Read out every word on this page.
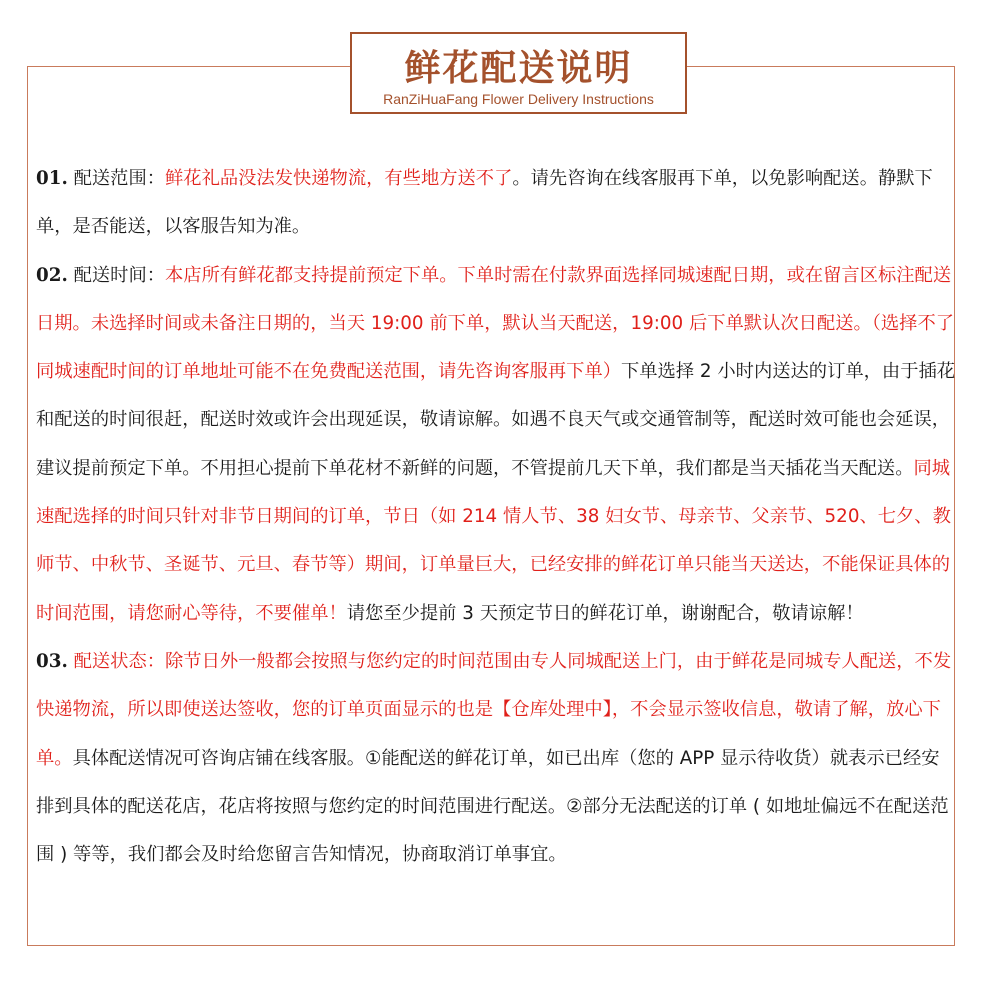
鲜花配送说明
RanZiHuaFang Flower Delivery Instructions

01. 配送范围：鲜花礼品没法发快递物流，有些地方送不了。请先咨询在线客服再下单，以免影响配送。静默下单，是否能送，以客服告知为准。

02. 配送时间：本店所有鲜花都支持提前预定下单。下单时需在付款界面选择同城速配日期，或在留言区标注配送日期。未选择时间或未备注日期的，当天 19:00 前下单，默认当天配送，19:00 后下单默认次日配送。（选择不了同城速配时间的订单地址可能不在免费配送范围，请先咨询客服再下单）下单选择 2 小时内送达的订单，由于插花和配送的时间很赶，配送时效或许会出现延误，敬请谅解。如遇不良天气或交通管制等，配送时效可能也会延误，建议提前预定下单。不用担心提前下单花材不新鲜的问题，不管提前几天下单，我们都是当天插花当天配送。同城速配选择的时间只针对非节日期间的订单，节日（如 214 情人节、38 妇女节、母亲节、父亲节、520、七夕、教师节、中秋节、圣诞节、元旦、春节等）期间，订单量巨大，已经安排的鲜花订单只能当天送达，不能保证具体的时间范围，请您耐心等待，不要催单！请您至少提前 3 天预定节日的鲜花订单，谢谢配合，敬请谅解！

03. 配送状态：除节日外一般都会按照与您约定的时间范围由专人同城配送上门，由于鲜花是同城专人配送，不发快递物流，所以即使送达签收，您的订单页面显示的也是【仓库处理中】，不会显示签收信息，敬请了解，放心下单。具体配送情况可咨询店铺在线客服。①能配送的鲜花订单，如已出库（您的 APP 显示待收货）就表示已经安排到具体的配送花店，花店将按照与您约定的时间范围进行配送。②部分无法配送的订单 ( 如地址偏远不在配送范围 ) 等等，我们都会及时给您留言告知情况，协商取消订单事宜。
